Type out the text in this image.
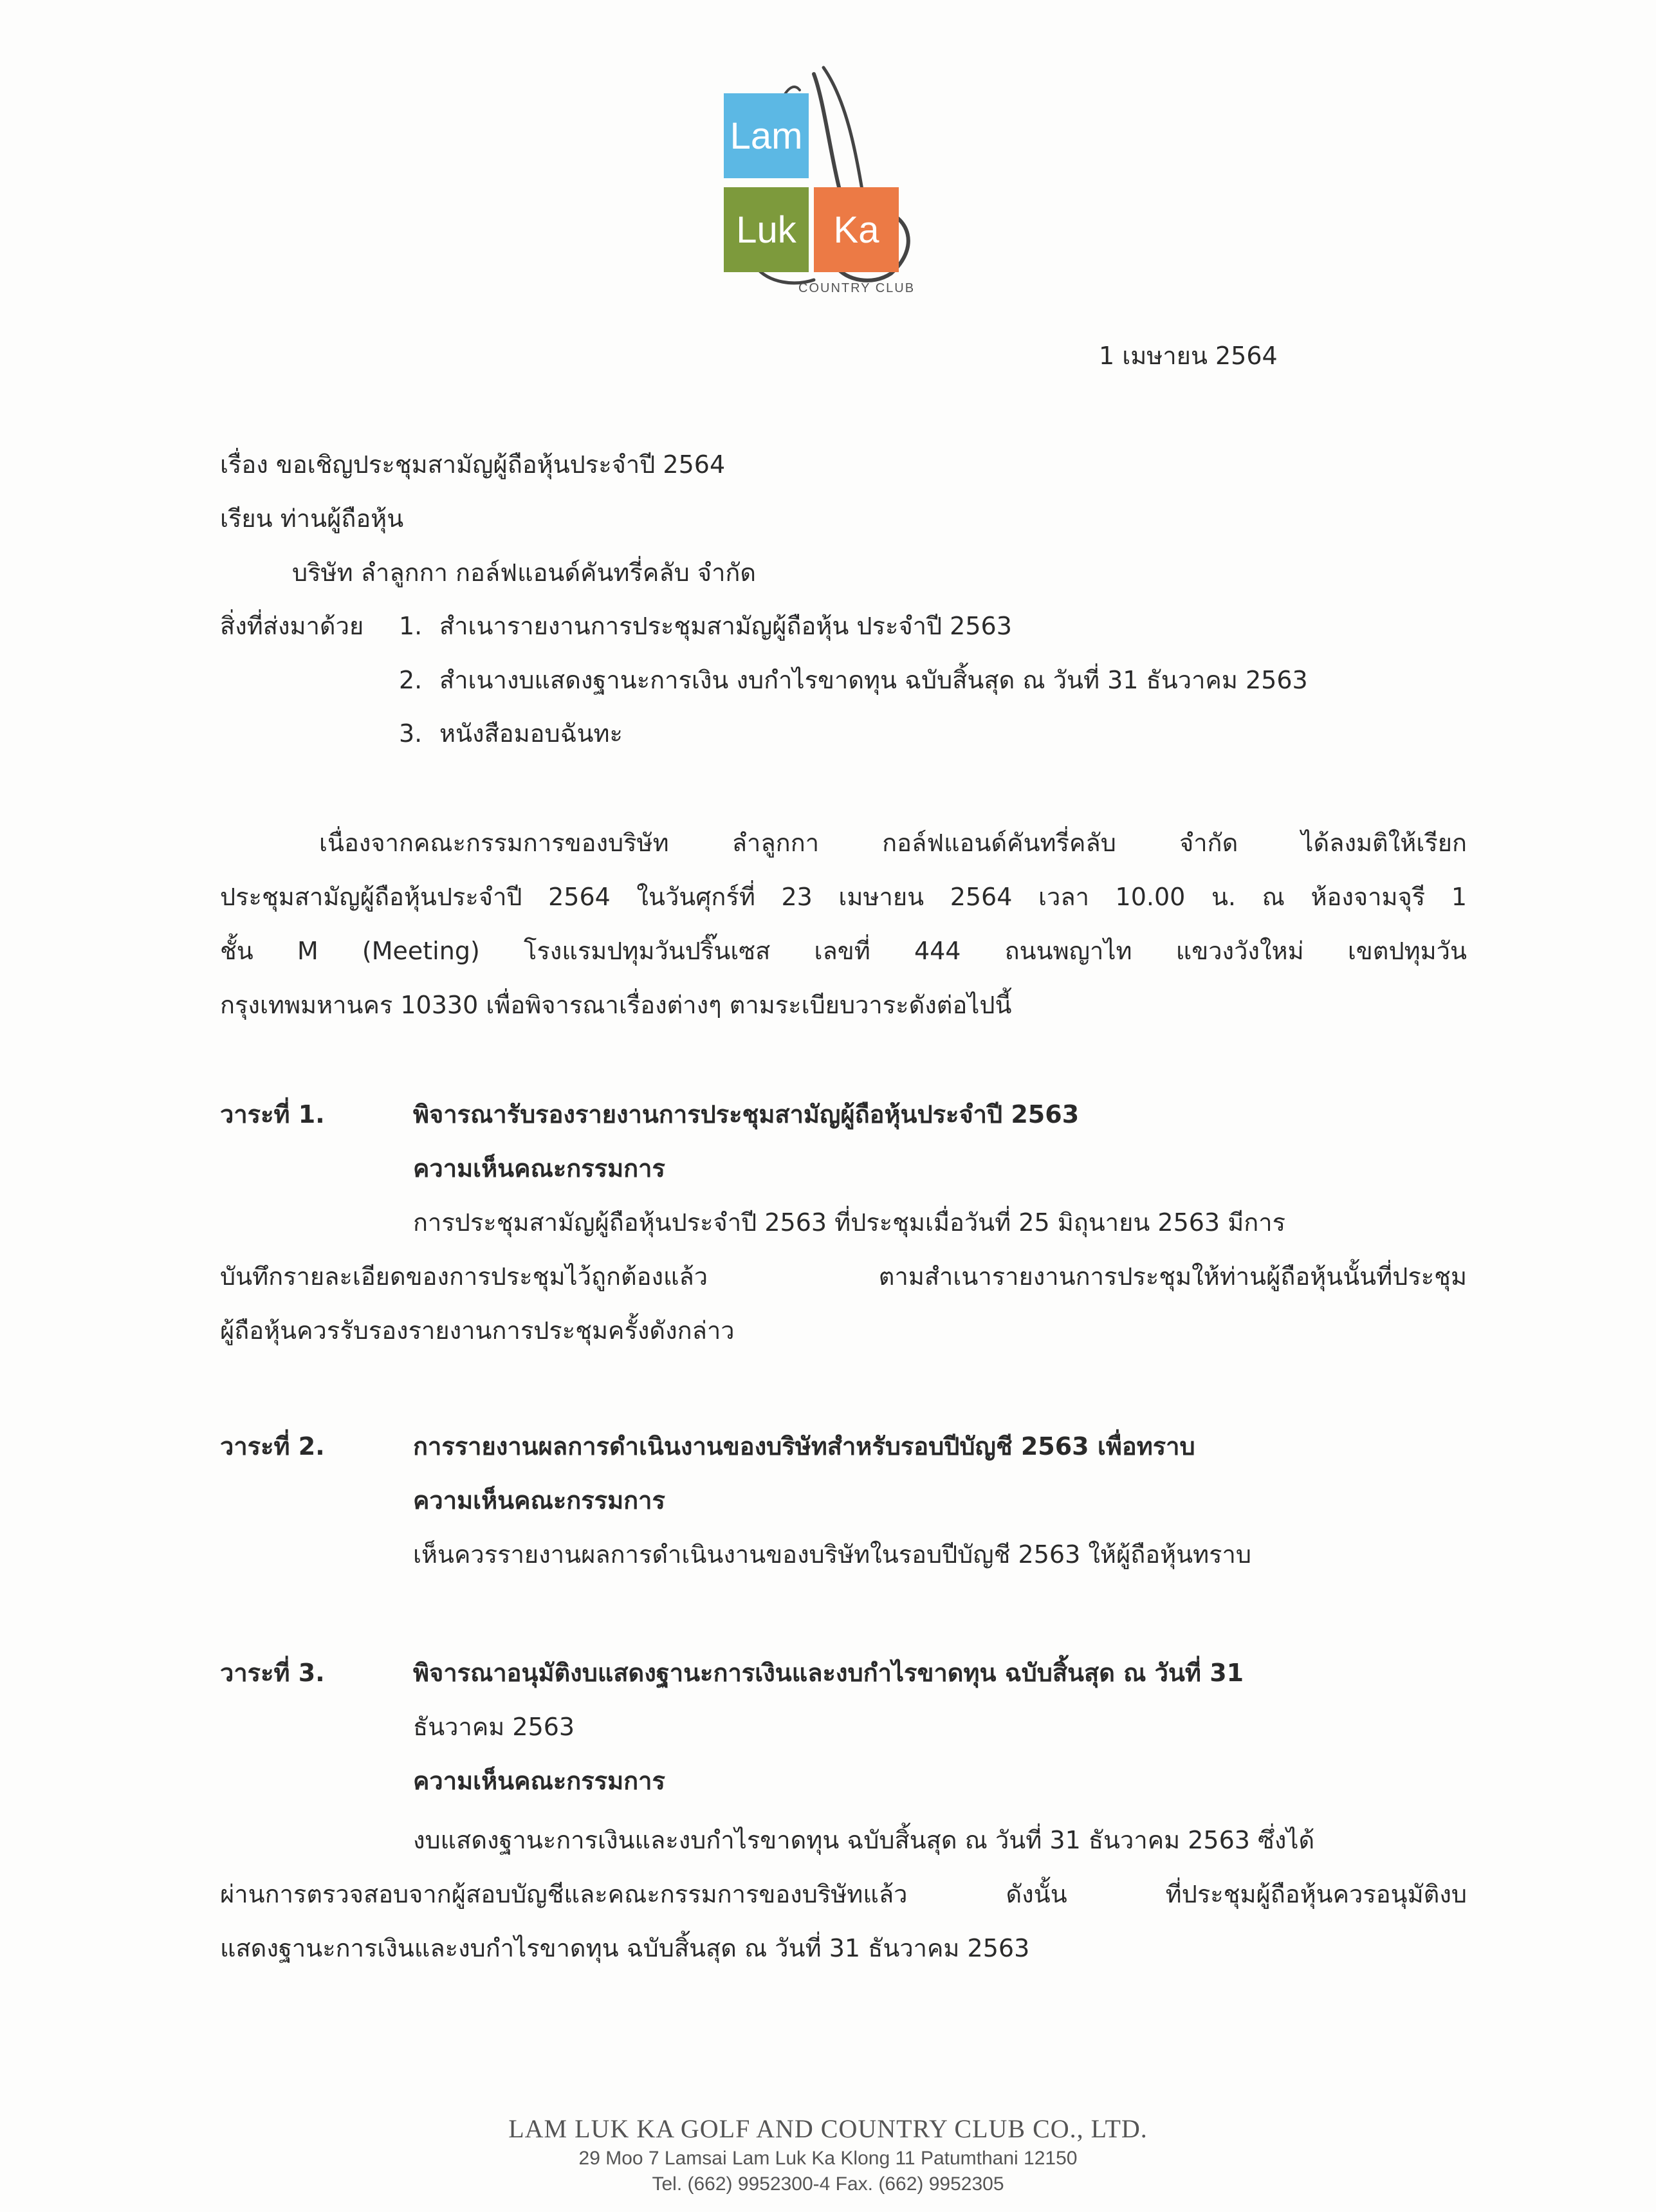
Lam
Luk Ka
COUNTRY CLUB
1 เมษายน 2564
เรื่อง ขอเชิญประชุมสามัญผู้ถือหุ้นประจำปี 2564
เรียน ท่านผู้ถือหุ้น
บริษัท ลำลูกกา กอล์ฟแอนด์คันทรี่คลับ จำกัด
สิ่งที่ส่งมาด้วย 1. สำเนารายงานการประชุมสามัญผู้ถือหุ้น ประจำปี 2563
2. สำเนางบแสดงฐานะการเงิน งบกำไรขาดทุน ฉบับสิ้นสุด ณ วันที่ 31 ธันวาคม 2563
3. หนังสือมอบฉันทะ
เนื่องจากคณะกรรมการของบริษัท ลำลูกกา กอล์ฟแอนด์คันทรี่คลับ จำกัด ได้ลงมติให้เรียก
ประชุมสามัญผู้ถือหุ้นประจำปี 2564 ในวันศุกร์ที่ 23 เมษายน 2564 เวลา 10.00 น. ณ ห้องจามจุรี 1
ชั้น M (Meeting) โรงแรมปทุมวันปริ๊นเซส เลขที่ 444 ถนนพญาไท แขวงวังใหม่ เขตปทุมวัน
กรุงเทพมหานคร 10330 เพื่อพิจารณาเรื่องต่างๆ ตามระเบียบวาระดังต่อไปนี้
วาระที่ 1.	พิจารณารับรองรายงานการประชุมสามัญผู้ถือหุ้นประจำปี 2563
ความเห็นคณะกรรมการ
การประชุมสามัญผู้ถือหุ้นประจำปี 2563 ที่ประชุมเมื่อวันที่ 25 มิถุนายน 2563 มีการ
บันทึกรายละเอียดของการประชุมไว้ถูกต้องแล้ว ตามสำเนารายงานการประชุมให้ท่านผู้ถือหุ้นนั้นที่ประชุม
ผู้ถือหุ้นควรรับรองรายงานการประชุมครั้งดังกล่าว
วาระที่ 2.	การรายงานผลการดำเนินงานของบริษัทสำหรับรอบปีบัญชี 2563 เพื่อทราบ
ความเห็นคณะกรรมการ
เห็นควรรายงานผลการดำเนินงานของบริษัทในรอบปีบัญชี 2563 ให้ผู้ถือหุ้นทราบ
วาระที่ 3.	พิจารณาอนุมัติงบแสดงฐานะการเงินและงบกำไรขาดทุน ฉบับสิ้นสุด ณ วันที่ 31
ธันวาคม 2563
ความเห็นคณะกรรมการ
งบแสดงฐานะการเงินและงบกำไรขาดทุน ฉบับสิ้นสุด ณ วันที่ 31 ธันวาคม 2563 ซึ่งได้
ผ่านการตรวจสอบจากผู้สอบบัญชีและคณะกรรมการของบริษัทแล้ว ดังนั้น ที่ประชุมผู้ถือหุ้นควรอนุมัติงบ
แสดงฐานะการเงินและงบกำไรขาดทุน ฉบับสิ้นสุด ณ วันที่ 31 ธันวาคม 2563
LAM LUK KA GOLF AND COUNTRY CLUB CO., LTD.
29 Moo 7 Lamsai Lam Luk Ka Klong 11 Patumthani 12150
Tel. (662) 9952300-4 Fax. (662) 9952305
